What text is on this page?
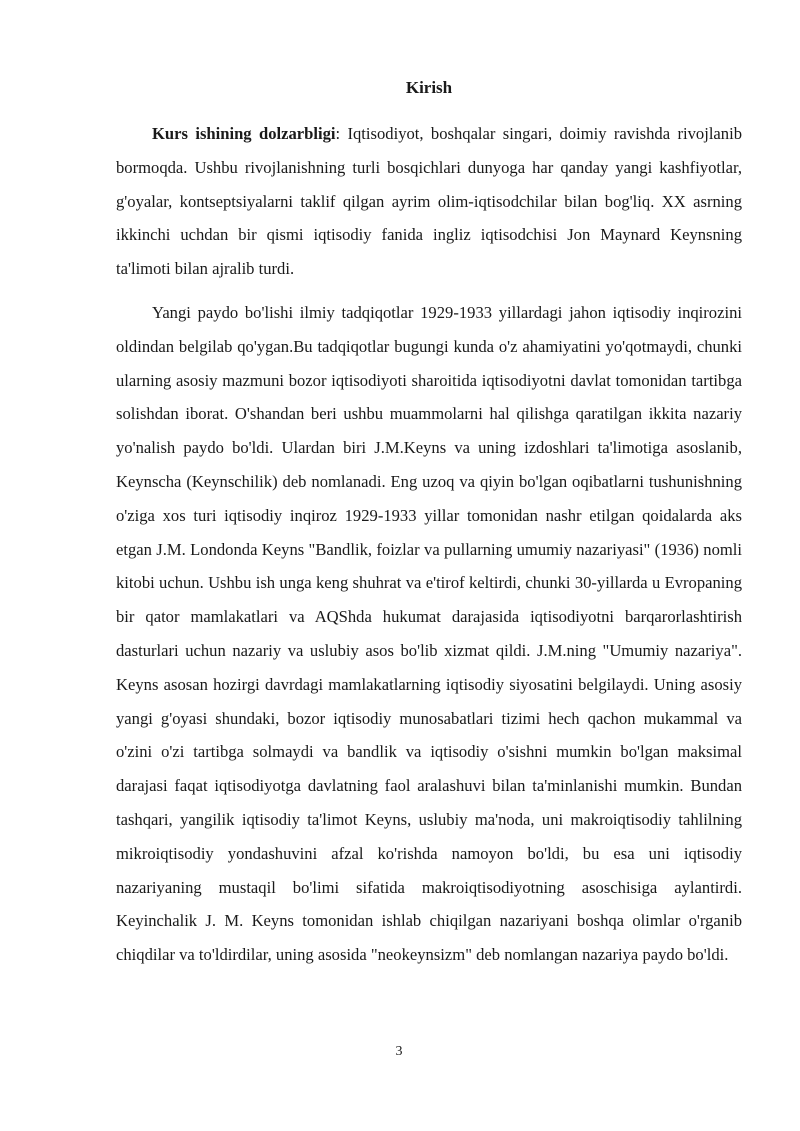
Kirish

Kurs ishining dolzarbligi: Iqtisodiyot, boshqalar singari, doimiy ravishda rivojlanib bormoqda. Ushbu rivojlanishning turli bosqichlari dunyoga har qanday yangi kashfiyotlar, g'oyalar, kontseptsiyalarni taklif qilgan ayrim olim-iqtisodchilar bilan bog'liq. XX asrning ikkinchi uchdan bir qismi iqtisodiy fanida ingliz iqtisodchisi Jon Maynard Keynsning ta'limoti bilan ajralib turdi.

Yangi paydo bo'lishi ilmiy tadqiqotlar 1929-1933 yillardagi jahon iqtisodiy inqirozini oldindan belgilab qo'ygan.Bu tadqiqotlar bugungi kunda o'z ahamiyatini yo'qotmaydi, chunki ularning asosiy mazmuni bozor iqtisodiyoti sharoitida iqtisodiyotni davlat tomonidan tartibga solishdan iborat. O'shandan beri ushbu muammolarni hal qilishga qaratilgan ikkita nazariy yo'nalish paydo bo'ldi. Ulardan biri J.M.Keyns va uning izdoshlari ta'limotiga asoslanib, Keynscha (Keynschilik) deb nomlanadi. Eng uzoq va qiyin bo'lgan oqibatlarni tushunishning o'ziga xos turi iqtisodiy inqiroz 1929-1933 yillar tomonidan nashr etilgan qoidalarda aks etgan J.M. Londonda Keyns "Bandlik, foizlar va pullarning umumiy nazariyasi" (1936) nomli kitobi uchun. Ushbu ish unga keng shuhrat va e'tirof keltirdi, chunki 30-yillarda u Evropaning bir qator mamlakatlari va AQShda hukumat darajasida iqtisodiyotni barqarorlashtirish dasturlari uchun nazariy va uslubiy asos bo'lib xizmat qildi. J.M.ning "Umumiy nazariya". Keyns asosan hozirgi davrdagi mamlakatlarning iqtisodiy siyosatini belgilaydi. Uning asosiy yangi g'oyasi shundaki, bozor iqtisodiy munosabatlari tizimi hech qachon mukammal va o'zini o'zi tartibga solmaydi va bandlik va iqtisodiy o'sishni mumkin bo'lgan maksimal darajasi faqat iqtisodiyotga davlatning faol aralashuvi bilan ta'minlanishi mumkin. Bundan tashqari, yangilik iqtisodiy ta'limot Keyns, uslubiy ma'noda, uni makroiqtisodiy tahlilning mikroiqtisodiy yondashuvini afzal ko'rishda namoyon bo'ldi, bu esa uni iqtisodiy nazariyaning mustaqil bo'limi sifatida makroiqtisodiyotning asoschisiga aylantirdi. Keyinchalik J. M. Keyns tomonidan ishlab chiqilgan nazariyani boshqa olimlar o'rganib chiqdilar va to'ldirdilar, uning asosida "neokeynsizm" deb nomlangan nazariya paydo bo'ldi.

3
